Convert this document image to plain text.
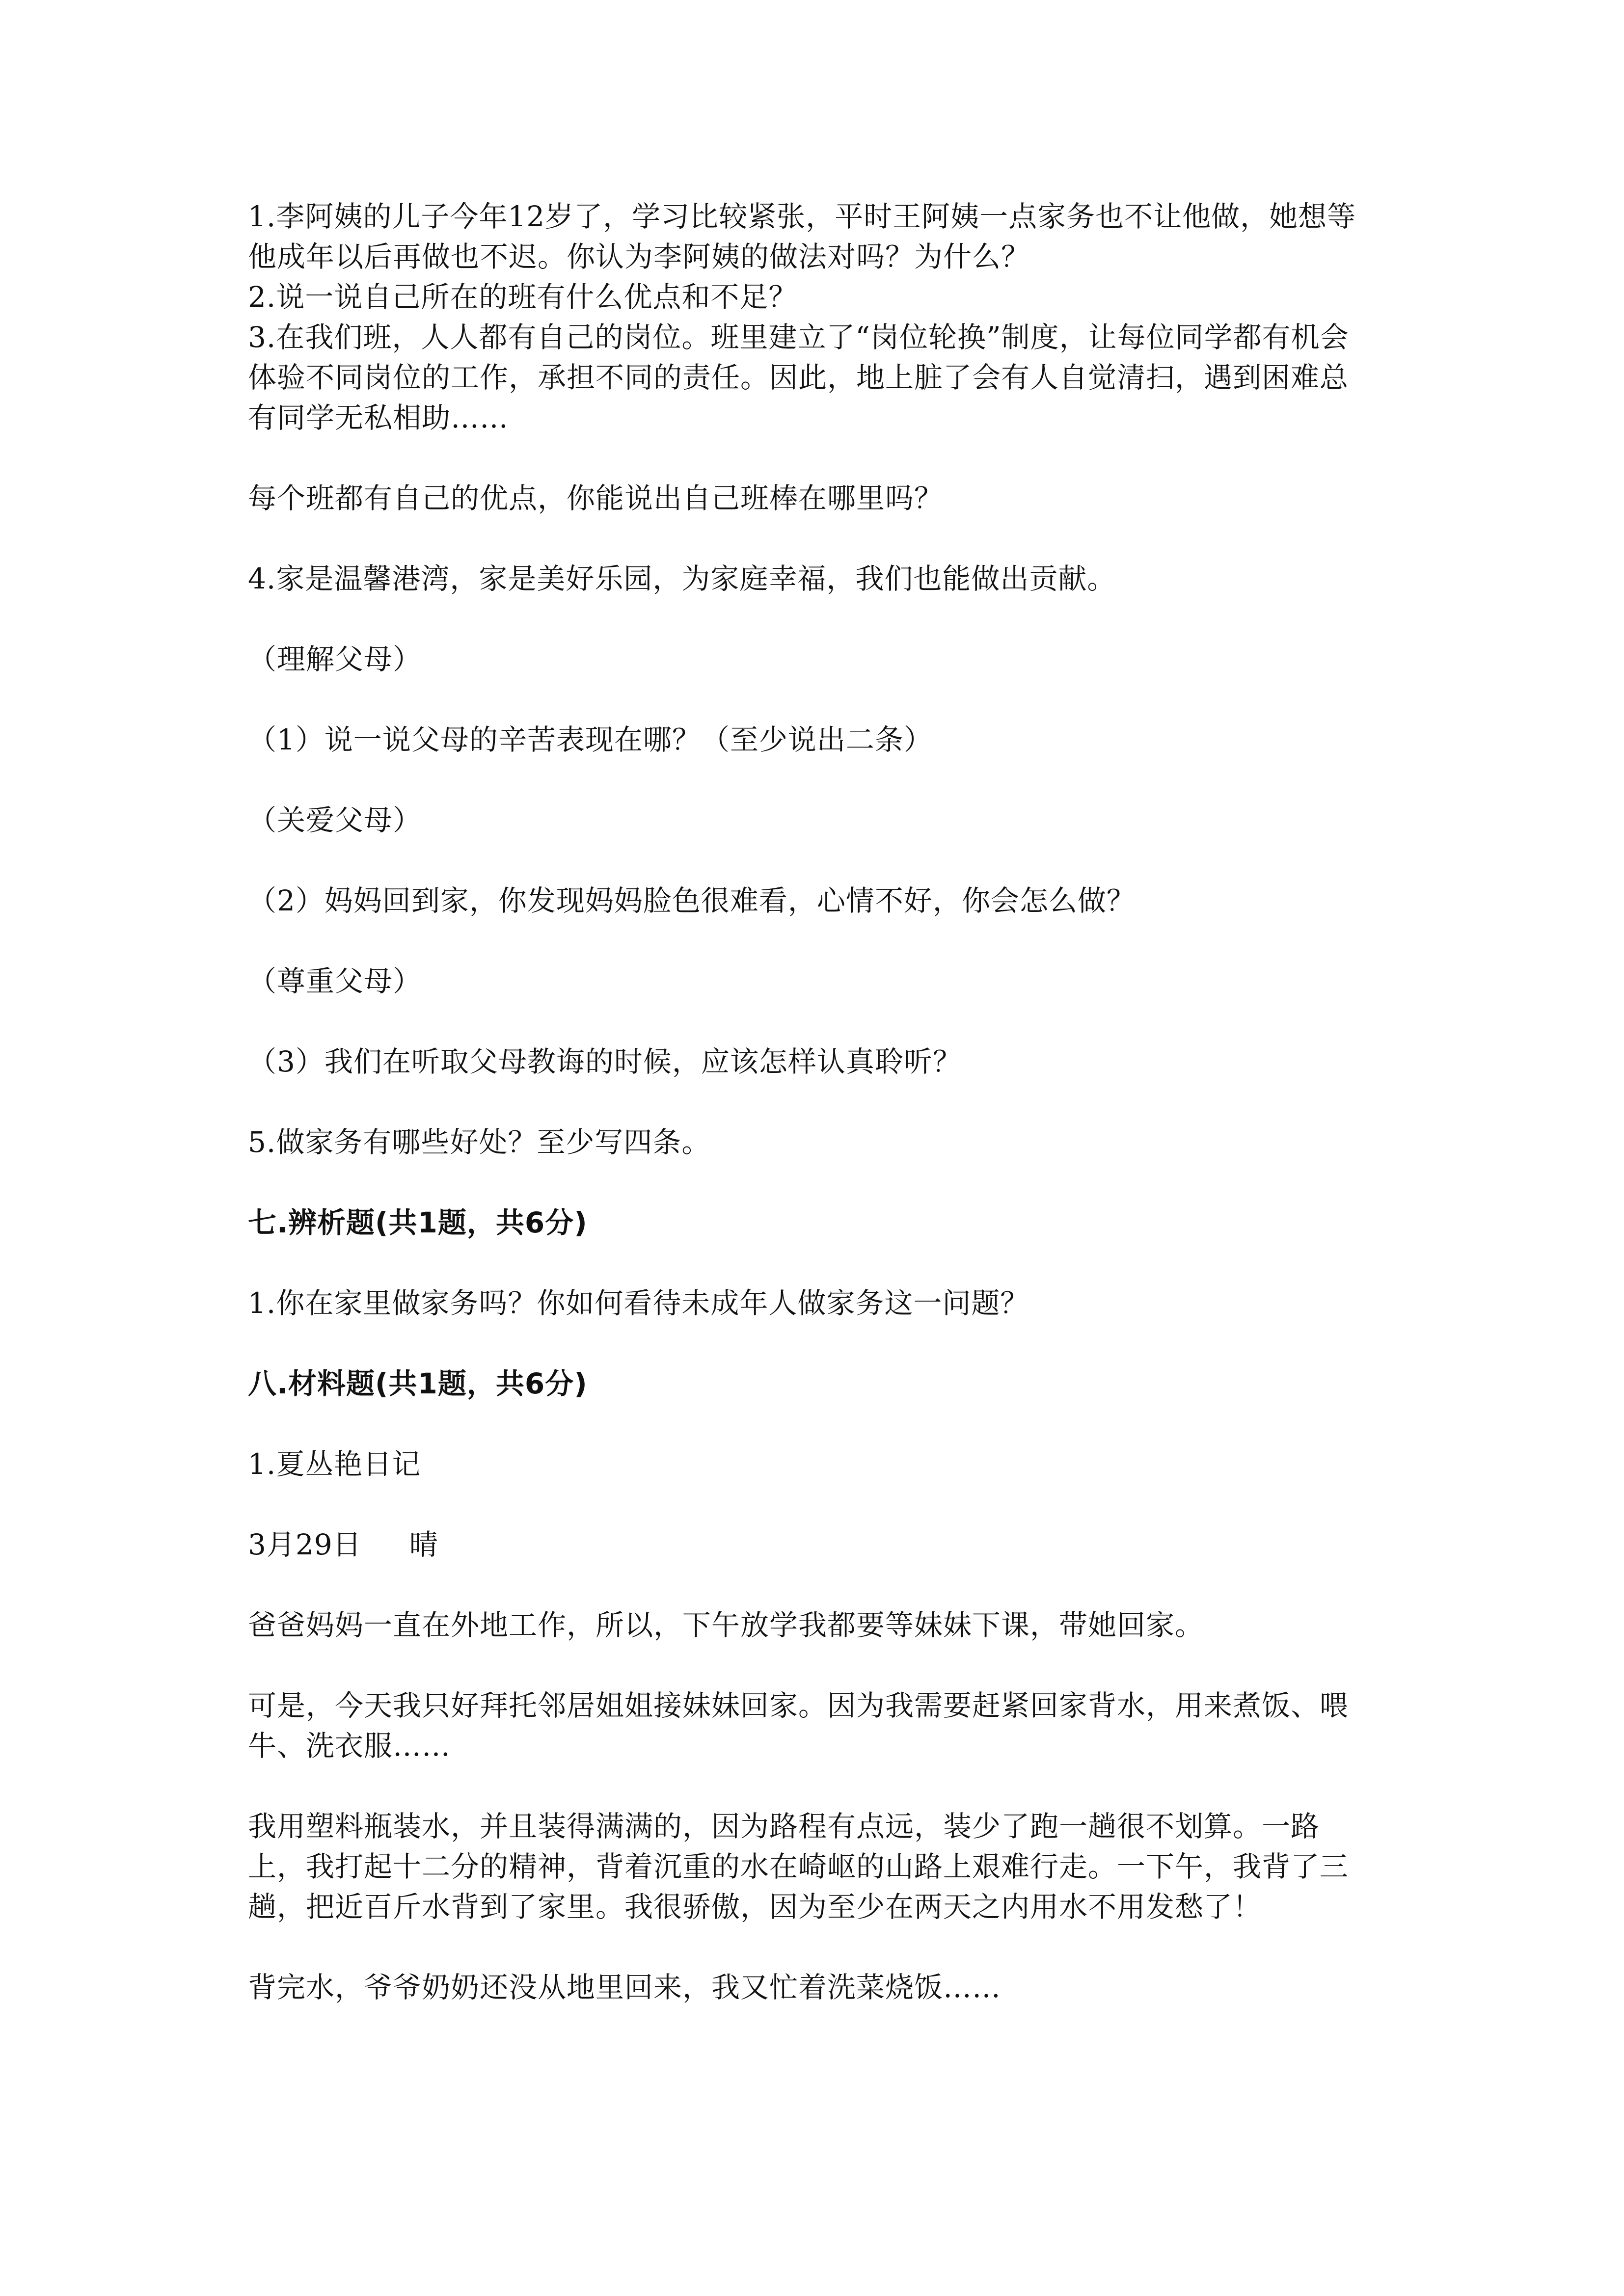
1.李阿姨的儿子今年12岁了，学习比较紧张，平时王阿姨一点家务也不让他做，她想等他成年以后再做也不迟。你认为李阿姨的做法对吗？为什么？

2.说一说自己所在的班有什么优点和不足？

3.在我们班，人人都有自己的岗位。班里建立了“岗位轮换”制度，让每位同学都有机会体验不同岗位的工作，承担不同的责任。因此，地上脏了会有人自觉清扫，遇到困难总有同学无私相助……

每个班都有自己的优点，你能说出自己班棒在哪里吗？

4.家是温馨港湾，家是美好乐园，为家庭幸福，我们也能做出贡献。

（理解父母）

（1）说一说父母的辛苦表现在哪？（至少说出二条）

（关爱父母）

（2）妈妈回到家，你发现妈妈脸色很难看，心情不好，你会怎么做？

（尊重父母）

（3）我们在听取父母教诲的时候，应该怎样认真聆听？

5.做家务有哪些好处？至少写四条。

七.辨析题(共1题，共6分)

1.你在家里做家务吗？你如何看待未成年人做家务这一问题？

八.材料题(共1题，共6分)

1.夏丛艳日记

3月29日     晴

爸爸妈妈一直在外地工作，所以，下午放学我都要等妹妹下课，带她回家。

可是，今天我只好拜托邻居姐姐接妹妹回家。因为我需要赶紧回家背水，用来煮饭、喂牛、洗衣服……

我用塑料瓶装水，并且装得满满的，因为路程有点远，装少了跑一趟很不划算。一路上，我打起十二分的精神，背着沉重的水在崎岖的山路上艰难行走。一下午，我背了三趟，把近百斤水背到了家里。我很骄傲，因为至少在两天之内用水不用发愁了！

背完水，爷爷奶奶还没从地里回来，我又忙着洗菜烧饭……
